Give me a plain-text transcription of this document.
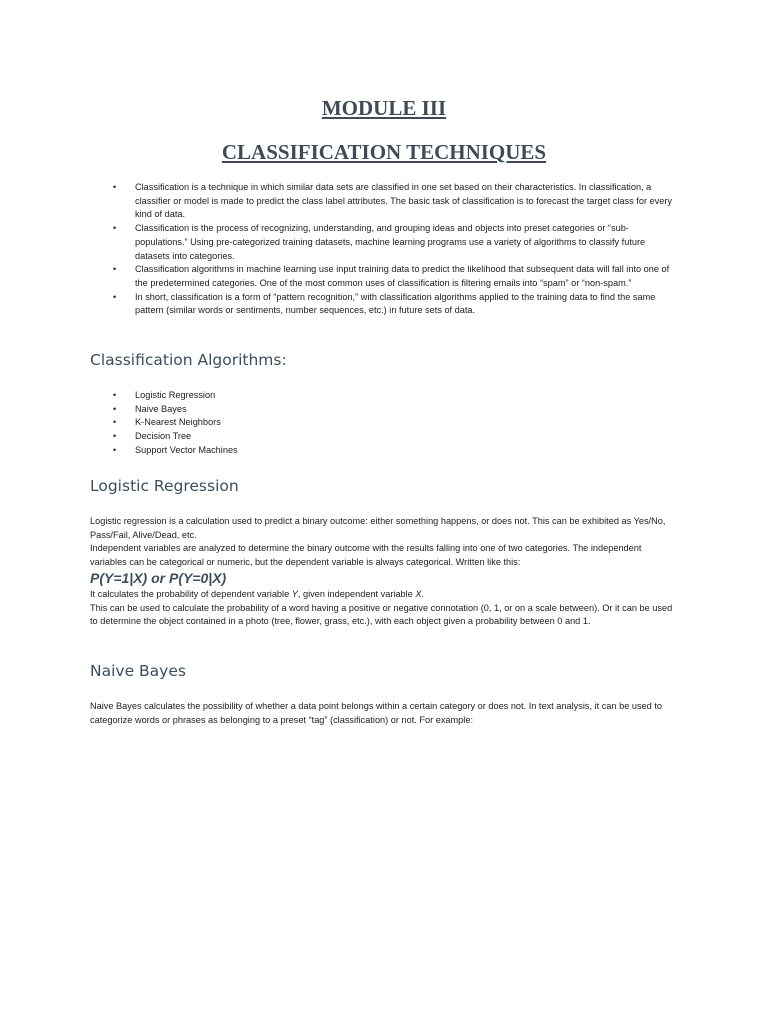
MODULE III
CLASSIFICATION TECHNIQUES
• Classification is a technique in which similar data sets are classified in one set based on their characteristics. In classification, a classifier or model is made to predict the class label attributes. The basic task of classification is to forecast the target class for every kind of data.
• Classification is the process of recognizing, understanding, and grouping ideas and objects into preset categories or “sub-populations.” Using pre-categorized training datasets, machine learning programs use a variety of algorithms to classify future datasets into categories.
• Classification algorithms in machine learning use input training data to predict the likelihood that subsequent data will fall into one of the predetermined categories. One of the most common uses of classification is filtering emails into “spam” or “non-spam.”
• In short, classification is a form of “pattern recognition,” with classification algorithms applied to the training data to find the same pattern (similar words or sentiments, number sequences, etc.) in future sets of data.
Classification Algorithms:
• Logistic Regression
• Naive Bayes
• K-Nearest Neighbors
• Decision Tree
• Support Vector Machines
Logistic Regression
Logistic regression is a calculation used to predict a binary outcome: either something happens, or does not. This can be exhibited as Yes/No, Pass/Fail, Alive/Dead, etc.
Independent variables are analyzed to determine the binary outcome with the results falling into one of two categories. The independent variables can be categorical or numeric, but the dependent variable is always categorical. Written like this:

P(Y=1|X) or P(Y=0|X)

It calculates the probability of dependent variable Y, given independent variable X.
This can be used to calculate the probability of a word having a positive or negative connotation (0, 1, or on a scale between). Or it can be used to determine the object contained in a photo (tree, flower, grass, etc.), with each object given a probability between 0 and 1.
Naive Bayes
Naive Bayes calculates the possibility of whether a data point belongs within a certain category or does not. In text analysis, it can be used to categorize words or phrases as belonging to a preset “tag” (classification) or not. For example:
